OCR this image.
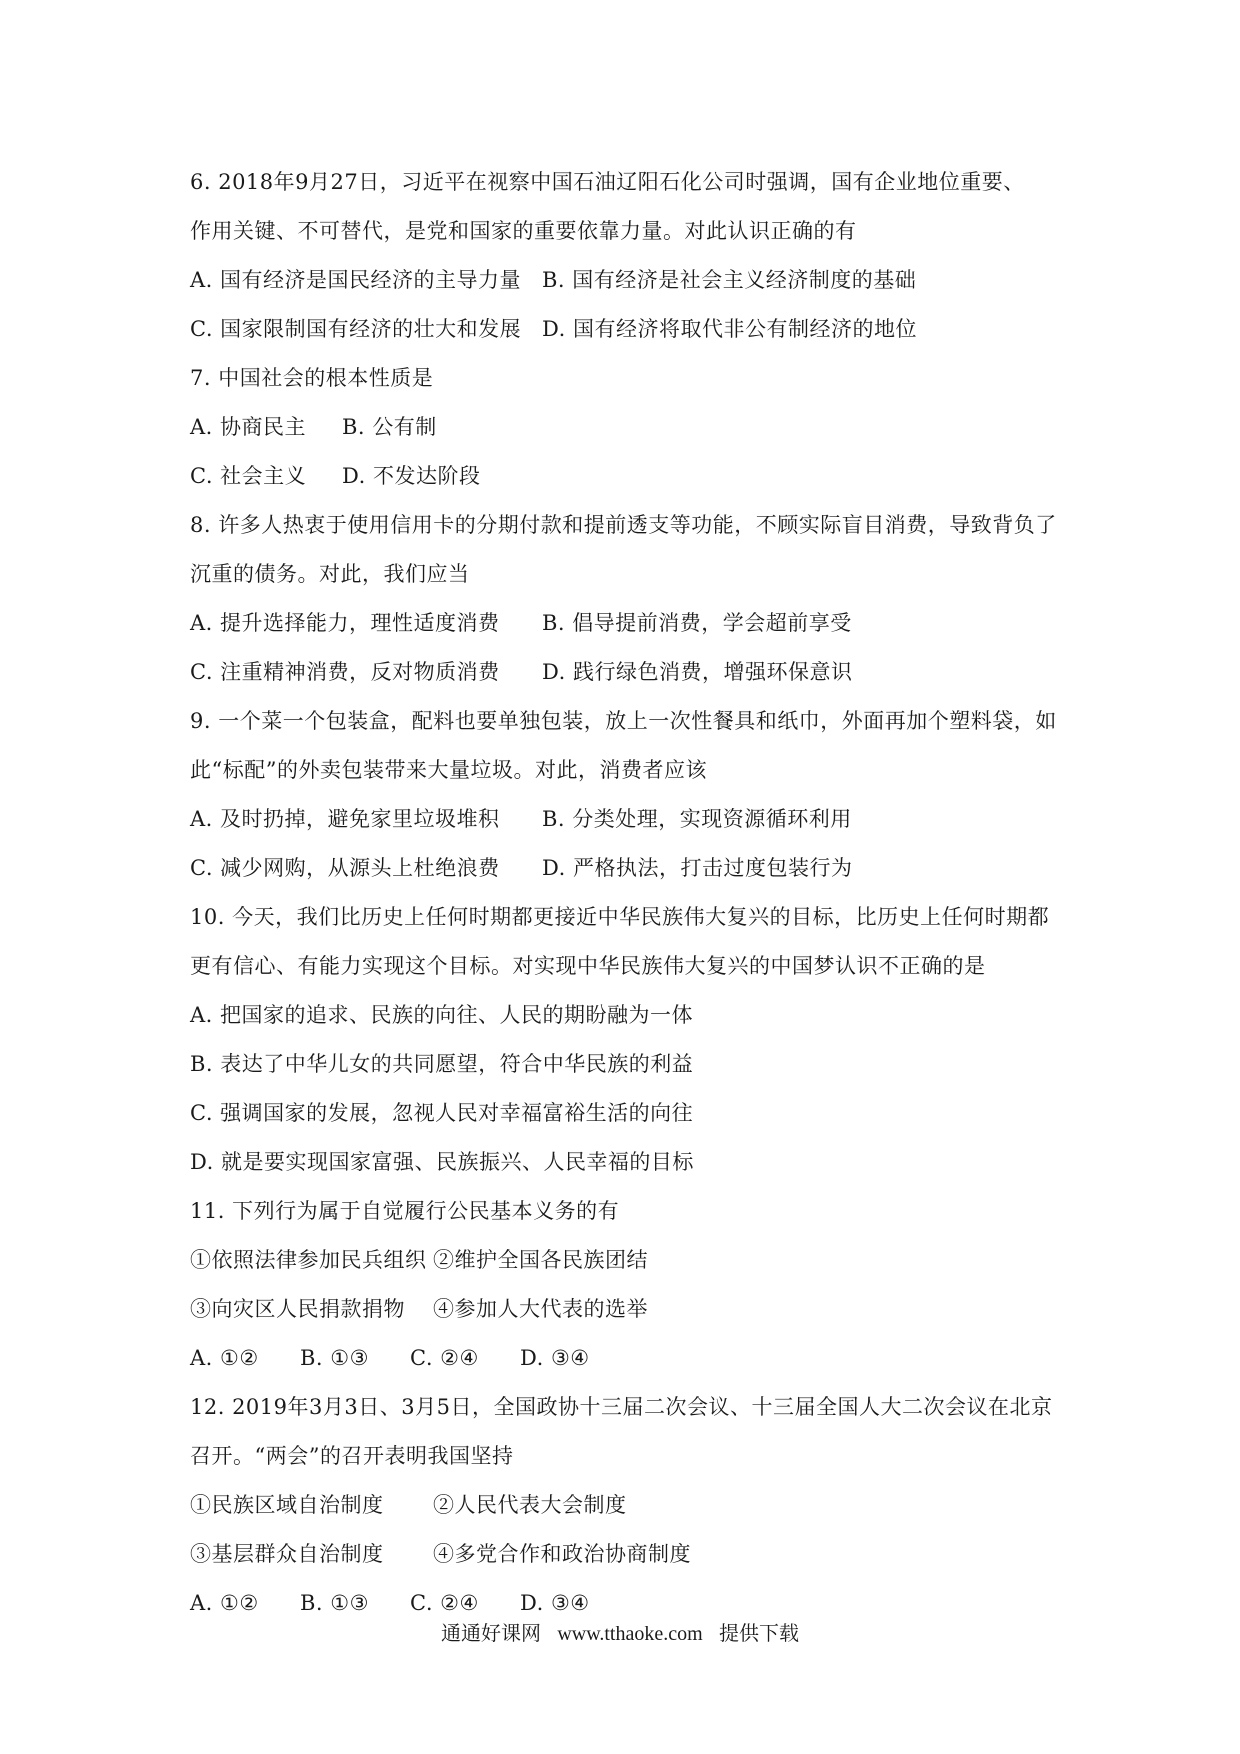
6. 2018年9月27日，习近平在视察中国石油辽阳石化公司时强调，国有企业地位重要、
作用关键、不可替代，是党和国家的重要依靠力量。对此认识正确的有
A. 国有经济是国民经济的主导力量 B. 国有经济是社会主义经济制度的基础
C. 国家限制国有经济的壮大和发展 D. 国有经济将取代非公有制经济的地位
7. 中国社会的根本性质是
A. 协商民主	B. 公有制
C. 社会主义	D. 不发达阶段
8. 许多人热衷于使用信用卡的分期付款和提前透支等功能，不顾实际盲目消费，导致背负了
沉重的债务。对此，我们应当
A. 提升选择能力，理性适度消费	B. 倡导提前消费，学会超前享受
C. 注重精神消费，反对物质消费	D. 践行绿色消费，增强环保意识
9. 一个菜一个包装盒，配料也要单独包装，放上一次性餐具和纸巾，外面再加个塑料袋，如
此“标配”的外卖包装带来大量垃圾。对此，消费者应该
A. 及时扔掉，避免家里垃圾堆积	B. 分类处理，实现资源循环利用
C. 减少网购，从源头上杜绝浪费	D. 严格执法，打击过度包装行为
10. 今天，我们比历史上任何时期都更接近中华民族伟大复兴的目标，比历史上任何时期都
更有信心、有能力实现这个目标。对实现中华民族伟大复兴的中国梦认识不正确的是
A. 把国家的追求、民族的向往、人民的期盼融为一体
B. 表达了中华儿女的共同愿望，符合中华民族的利益
C. 强调国家的发展，忽视人民对幸福富裕生活的向往
D. 就是要实现国家富强、民族振兴、人民幸福的目标
11. 下列行为属于自觉履行公民基本义务的有
①依照法律参加民兵组织 ②维护全国各民族团结
③向灾区人民捐款捐物	④参加人大代表的选举
A. ①②	B. ①③	C. ②④	D. ③④
12. 2019年3月3日、3月5日，全国政协十三届二次会议、十三届全国人大二次会议在北京
召开。“两会”的召开表明我国坚持
①民族区域自治制度	②人民代表大会制度
③基层群众自治制度	④多党合作和政治协商制度
A. ①②	B. ①③	C. ②④	D. ③④
通通好课网 www.tthaoke.com 提供下载
